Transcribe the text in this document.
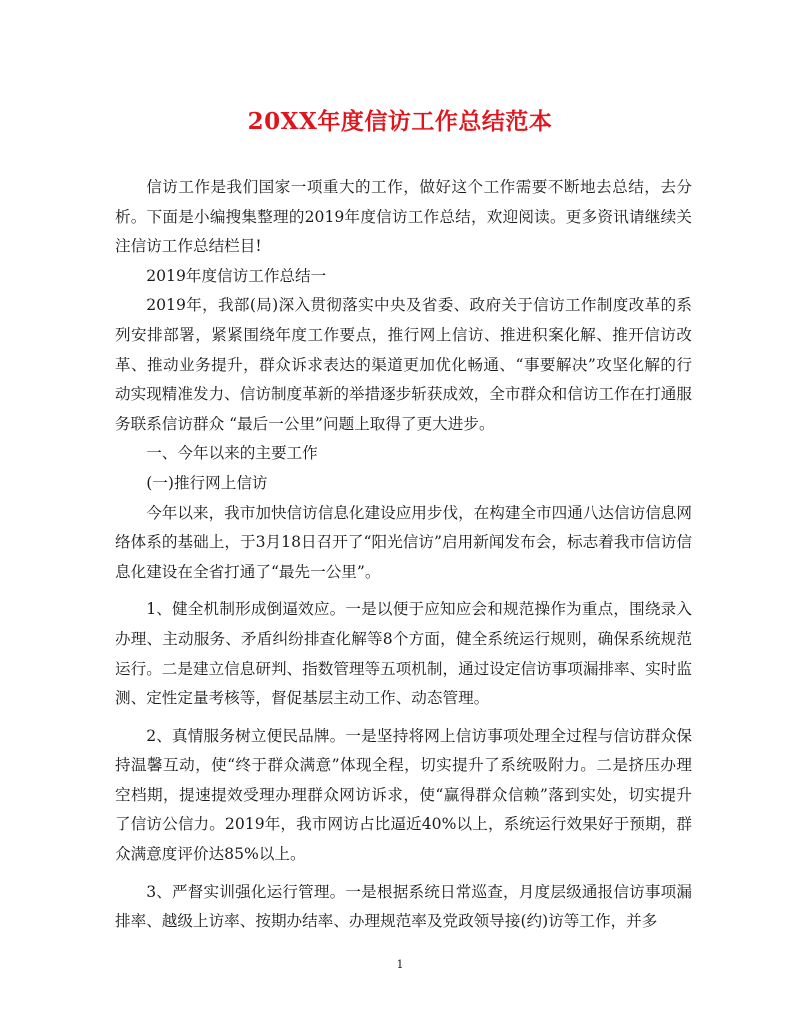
20XX年度信访工作总结范本

信访工作是我们国家一项重大的工作，做好这个工作需要不断地去总结，去分析。下面是小编搜集整理的2019年度信访工作总结，欢迎阅读。更多资讯请继续关注信访工作总结栏目!

2019年度信访工作总结一

2019年，我部(局)深入贯彻落实中央及省委、政府关于信访工作制度改革的系列安排部署，紧紧围绕年度工作要点，推行网上信访、推进积案化解、推开信访改革、推动业务提升，群众诉求表达的渠道更加优化畅通、“事要解决”攻坚化解的行动实现精准发力、信访制度革新的举措逐步斩获成效，全市群众和信访工作在打通服务联系信访群众 “最后一公里”问题上取得了更大进步。

一、今年以来的主要工作

(一)推行网上信访

今年以来，我市加快信访信息化建设应用步伐，在构建全市四通八达信访信息网络体系的基础上，于3月18日召开了“阳光信访”启用新闻发布会，标志着我市信访信息化建设在全省打通了“最先一公里”。

1、健全机制形成倒逼效应。一是以便于应知应会和规范操作为重点，围绕录入办理、主动服务、矛盾纠纷排查化解等8个方面，健全系统运行规则，确保系统规范运行。二是建立信息研判、指数管理等五项机制，通过设定信访事项漏排率、实时监测、定性定量考核等，督促基层主动工作、动态管理。

2、真情服务树立便民品牌。一是坚持将网上信访事项处理全过程与信访群众保持温馨互动，使“终于群众满意”体现全程，切实提升了系统吸附力。二是挤压办理空档期，提速提效受理办理群众网访诉求，使“赢得群众信赖”落到实处，切实提升了信访公信力。2019年，我市网访占比逼近40%以上，系统运行效果好于预期，群众满意度评价达85%以上。

3、严督实训强化运行管理。一是根据系统日常巡查，月度层级通报信访事项漏排率、越级上访率、按期办结率、办理规范率及党政领导接(约)访等工作，并多

1
